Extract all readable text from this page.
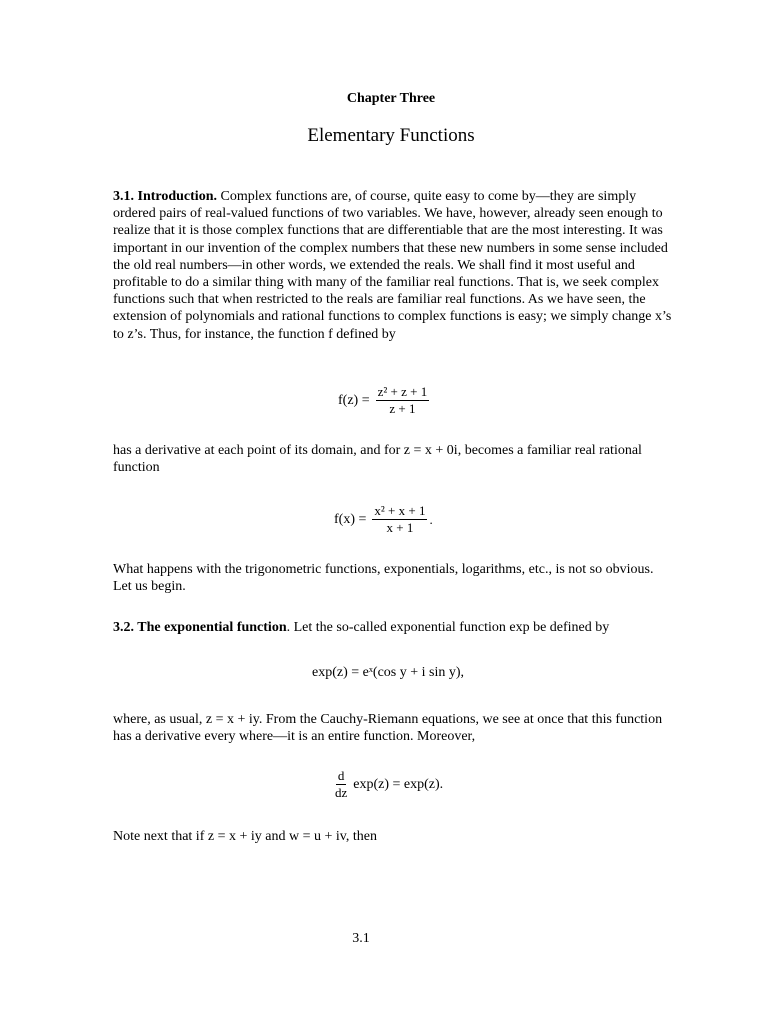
Chapter Three
Elementary Functions

3.1. Introduction. Complex functions are, of course, quite easy to come by—they are simply ordered pairs of real-valued functions of two variables. We have, however, already seen enough to realize that it is those complex functions that are differentiable that are the most interesting. It was important in our invention of the complex numbers that these new numbers in some sense included the old real numbers—in other words, we extended the reals. We shall find it most useful and profitable to do a similar thing with many of the familiar real functions. That is, we seek complex functions such that when restricted to the reals are familiar real functions. As we have seen, the extension of polynomials and rational functions to complex functions is easy; we simply change x’s to z’s. Thus, for instance, the function f defined by

$f(z) = \frac{\text{z² + z + 1}}{z + 1}$

has a derivative at each point of its domain, and for z = x + 0i, becomes a familiar real rational function

$f(x) = \frac{\text{x² + x + 1}}{x + 1}$ .

What happens with the trigonometric functions, exponentials, logarithms, etc., is not so obvious. Let us begin.

3.2. The exponential function. Let the so-called exponential function exp be defined by

exp(z) = eˣ(cos y + i sin y),

where, as usual, z = x + iy. From the Cauchy-Riemann equations, we see at once that this function has a derivative every where—it is an entire function. Moreover,

$\frac{d}{dz} \exp(z) = \exp(z)$.

Note next that if z = x + iy and w = u + iv, then

3.1
